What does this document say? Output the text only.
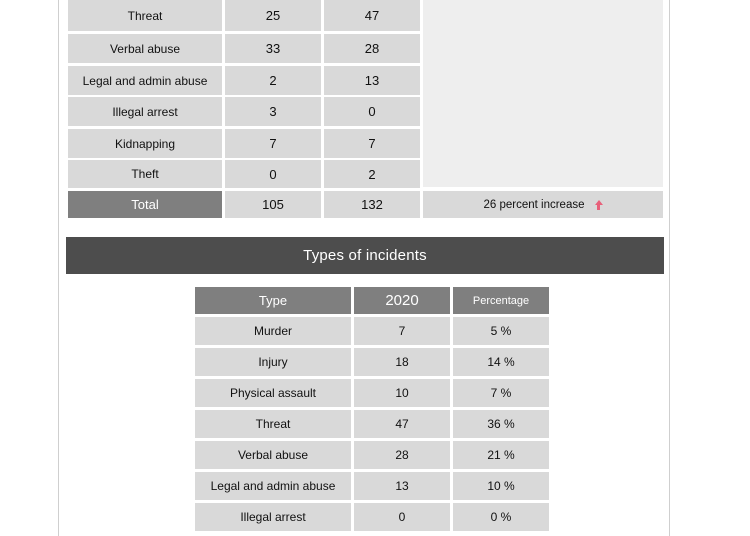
Threat	25	47
Verbal abuse	33	28
Legal and admin abuse	2	13
Illegal arrest	3	0
Kidnapping	7	7
Theft	0	2
Total	105	132	26 percent increase
Types of incidents
Type	2020	Percentage
Murder	7	5 %
Injury	18	14 %
Physical assault	10	7 %
Threat	47	36 %
Verbal abuse	28	21 %
Legal and admin abuse	13	10 %
Illegal arrest	0	0 %
